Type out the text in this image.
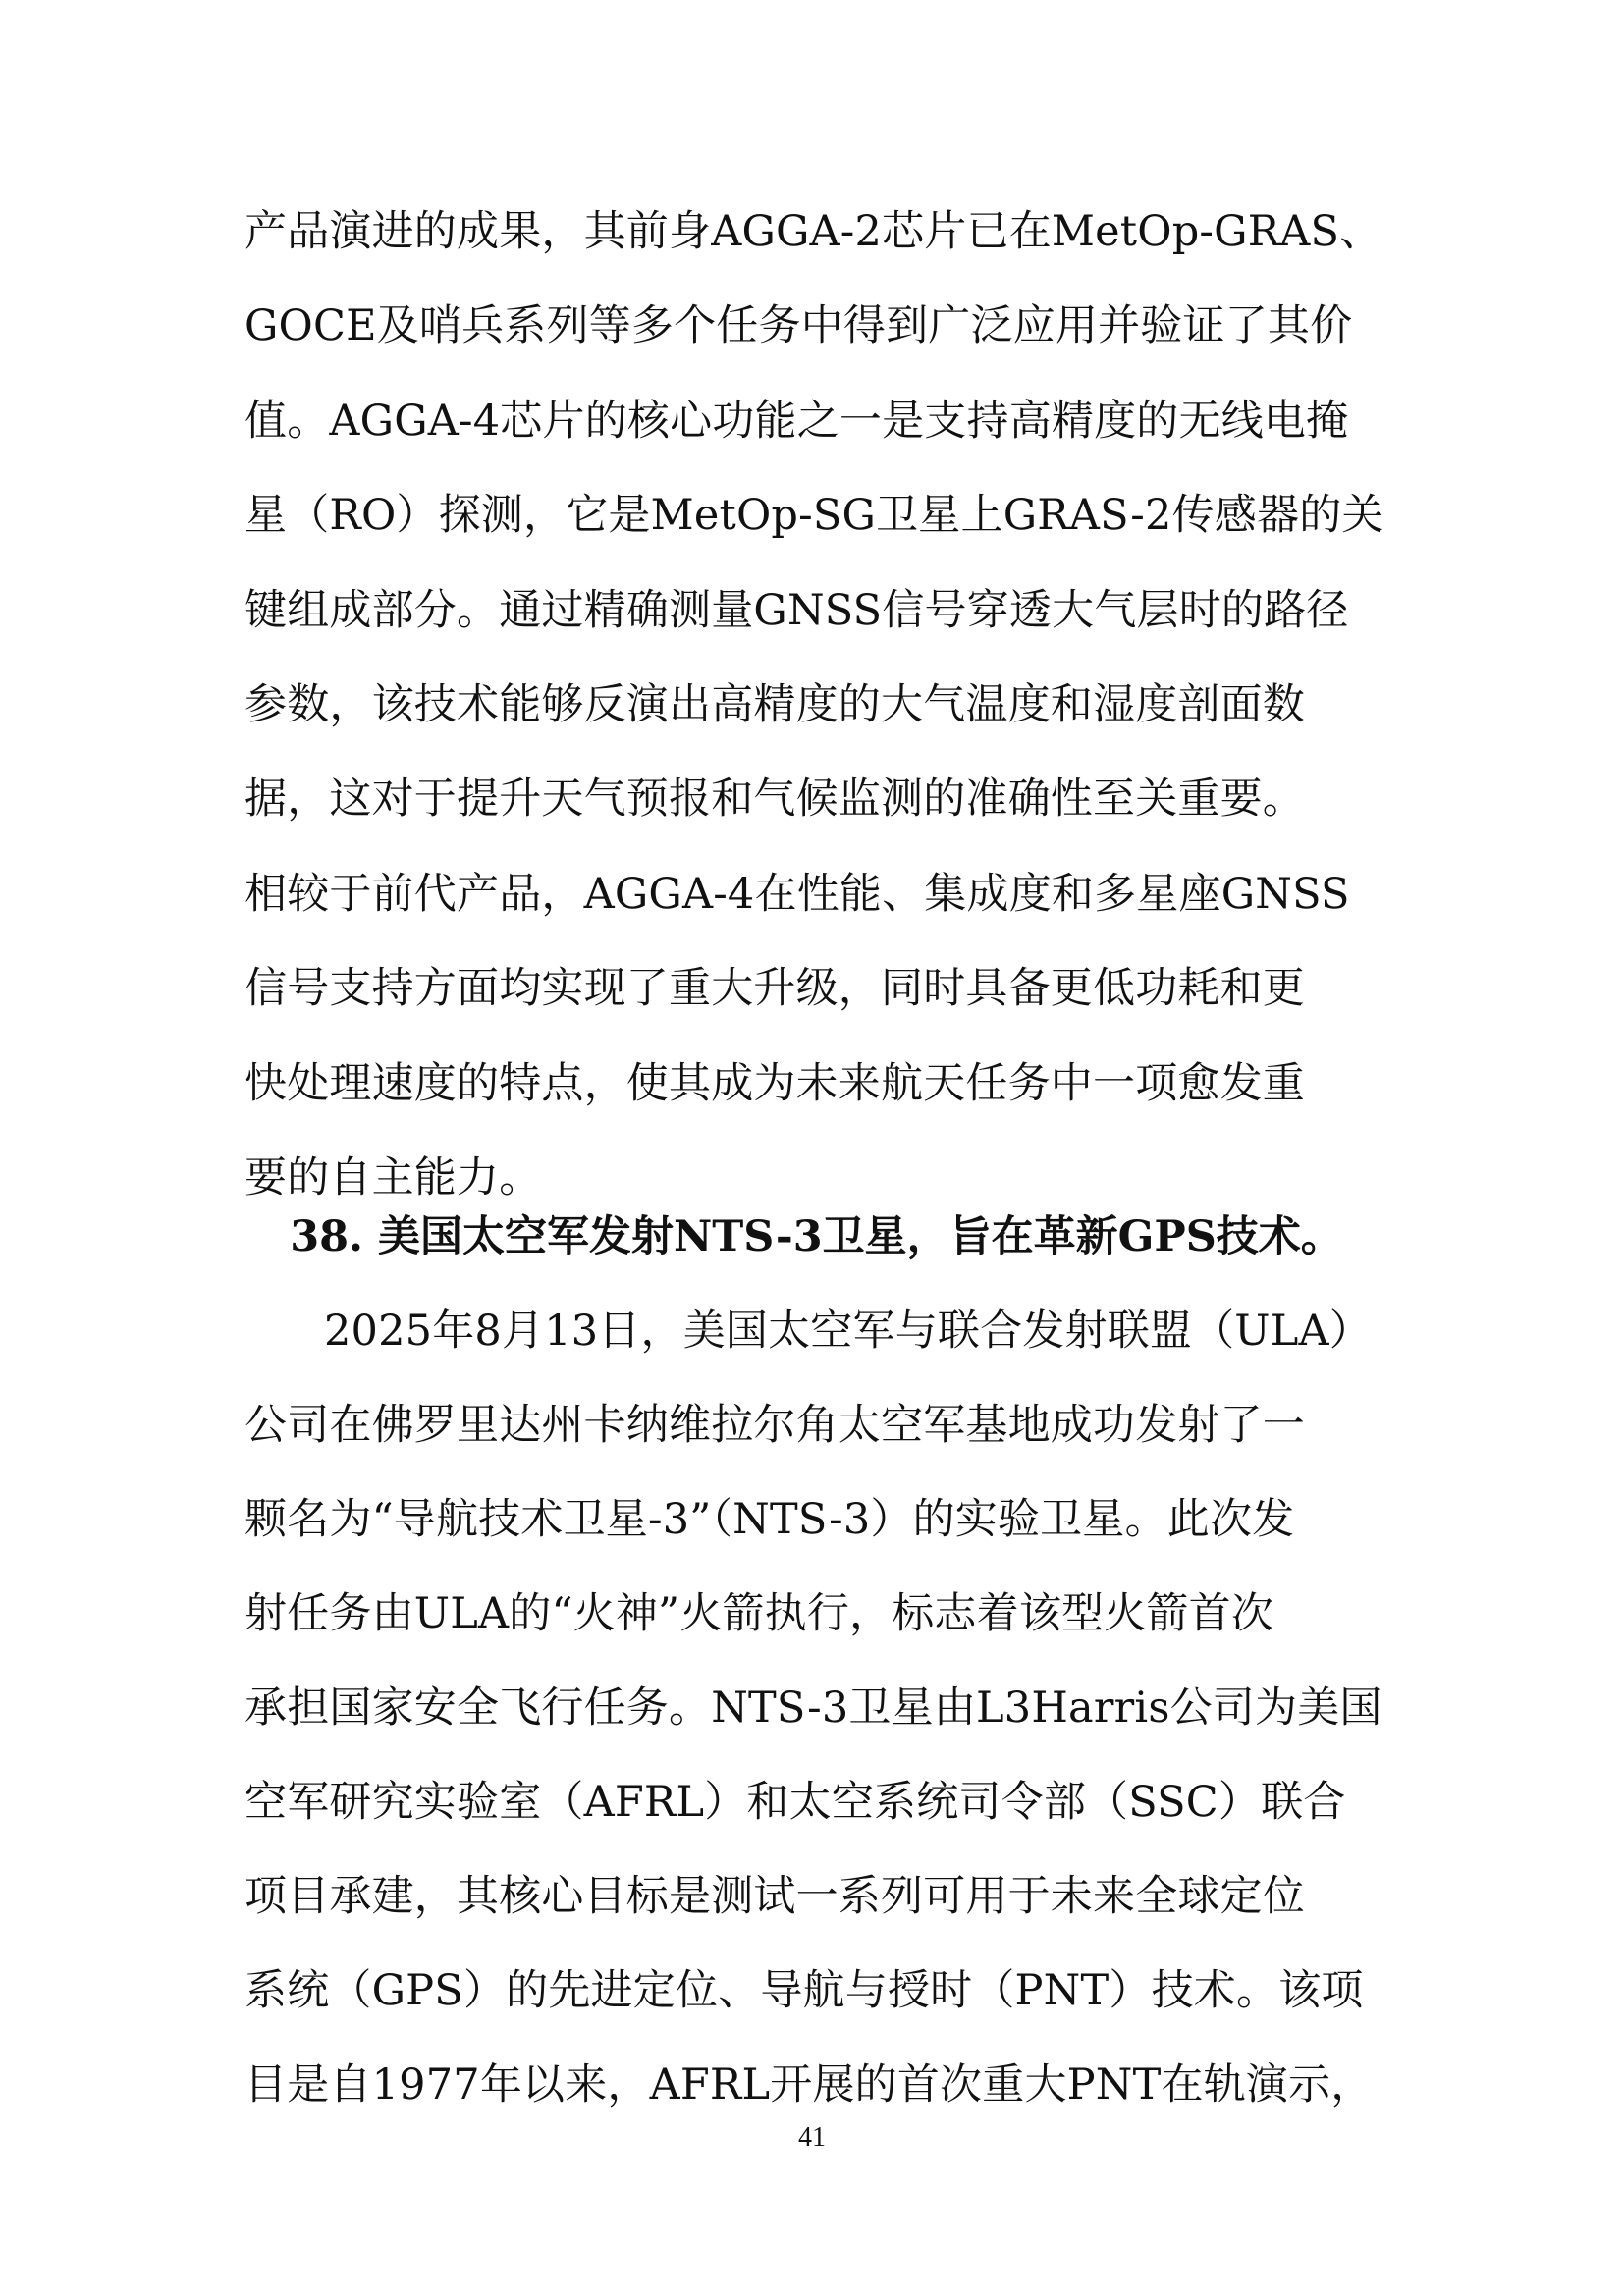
产品演进的成果，其前身AGGA-2芯片已在MetOp-GRAS、
GOCE及哨兵系列等多个任务中得到广泛应用并验证了其价
值。AGGA-4芯片的核心功能之一是支持高精度的无线电掩
星（RO）探测，它是MetOp-SG卫星上GRAS-2传感器的关
键组成部分。通过精确测量GNSS信号穿透大气层时的路径
参数，该技术能够反演出高精度的大气温度和湿度剖面数
据，这对于提升天气预报和气候监测的准确性至关重要。
相较于前代产品，AGGA-4在性能、集成度和多星座GNSS
信号支持方面均实现了重大升级，同时具备更低功耗和更
快处理速度的特点，使其成为未来航天任务中一项愈发重
要的自主能力。
38. 美国太空军发射NTS-3卫星，旨在革新GPS技术。
2025年8月13日，美国太空军与联合发射联盟（ULA）
公司在佛罗里达州卡纳维拉尔角太空军基地成功发射了一
颗名为“导航技术卫星-3”（NTS-3）的实验卫星。此次发
射任务由ULA的“火神”火箭执行，标志着该型火箭首次
承担国家安全飞行任务。NTS-3卫星由L3Harris公司为美国
空军研究实验室（AFRL）和太空系统司令部（SSC）联合
项目承建，其核心目标是测试一系列可用于未来全球定位
系统（GPS）的先进定位、导航与授时（PNT）技术。该项
目是自1977年以来，AFRL开展的首次重大PNT在轨演示，
41
